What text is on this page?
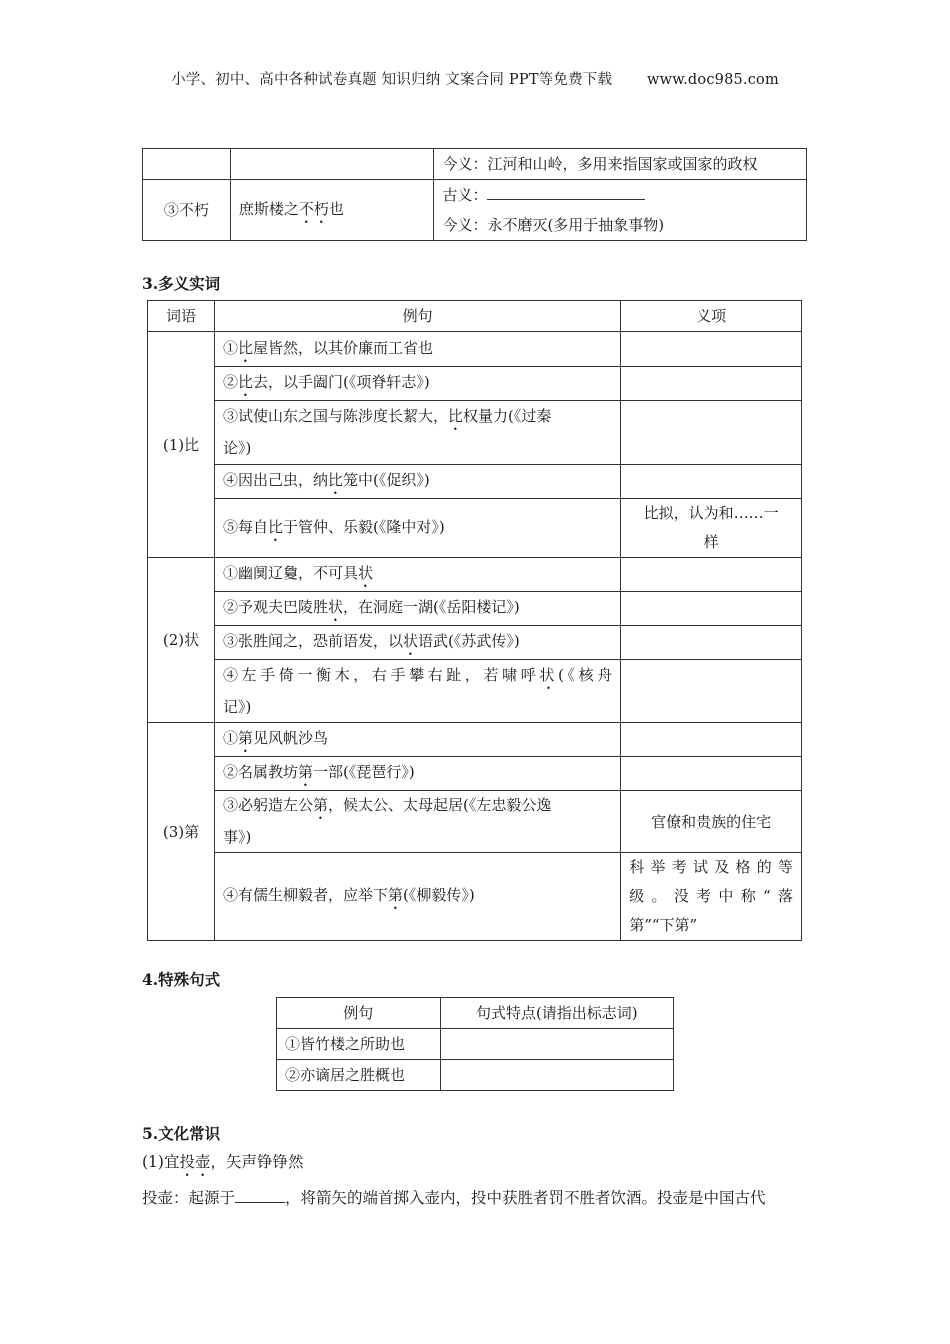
小学、初中、高中各种试卷真题 知识归纳 文案合同 PPT等免费下载 www.doc985.com
		今义：江河和山岭，多用来指国家或国家的政权
③不朽	庶斯楼之不朽也	古义：
今义：永不磨灭(多用于抽象事物)
3.多义实词
词语	例句	义项
(1)比	①比屋皆然，以其价廉而工省也	
	②比去，以手阖门(《项脊轩志》)	

	③试使山东之国与陈涉度长絜大，比权量力(《过秦
论》)	

	④因出己虫，纳比笼中(《促织》)	
	⑤每自比于管仲、乐毅(《隆中对》)	比拟，认为和……一
样

(2)状	①幽阒辽敻，不可具状	
	②予观夫巴陵胜状，在洞庭一湖(《岳阳楼记》)	
	③张胜闻之，恐前语发，以状语武(《苏武传》)	

	④左手倚一衡木，右手攀右趾，若啸呼状(《核舟
记》)	

(3)第	①第见风帆沙鸟	
	②名属教坊第一部(《琵琶行》)	

	③必躬造左公第，候太公、太母起居(《左忠毅公逸
事》)	官僚和贵族的住宅
	④有儒生柳毅者，应举下第(《柳毅传》)	科举考试及格的等
级。没考中称“落
第”“下第”
4.特殊句式
例句	句式特点(请指出标志词)
①皆竹楼之所助也	
②亦谪居之胜概也	
5.文化常识
(1)宜投壶，矢声铮铮然
投壶：起源于	，将箭矢的端首掷入壶内，投中获胜者罚不胜者饮酒。投壶是中国古代
